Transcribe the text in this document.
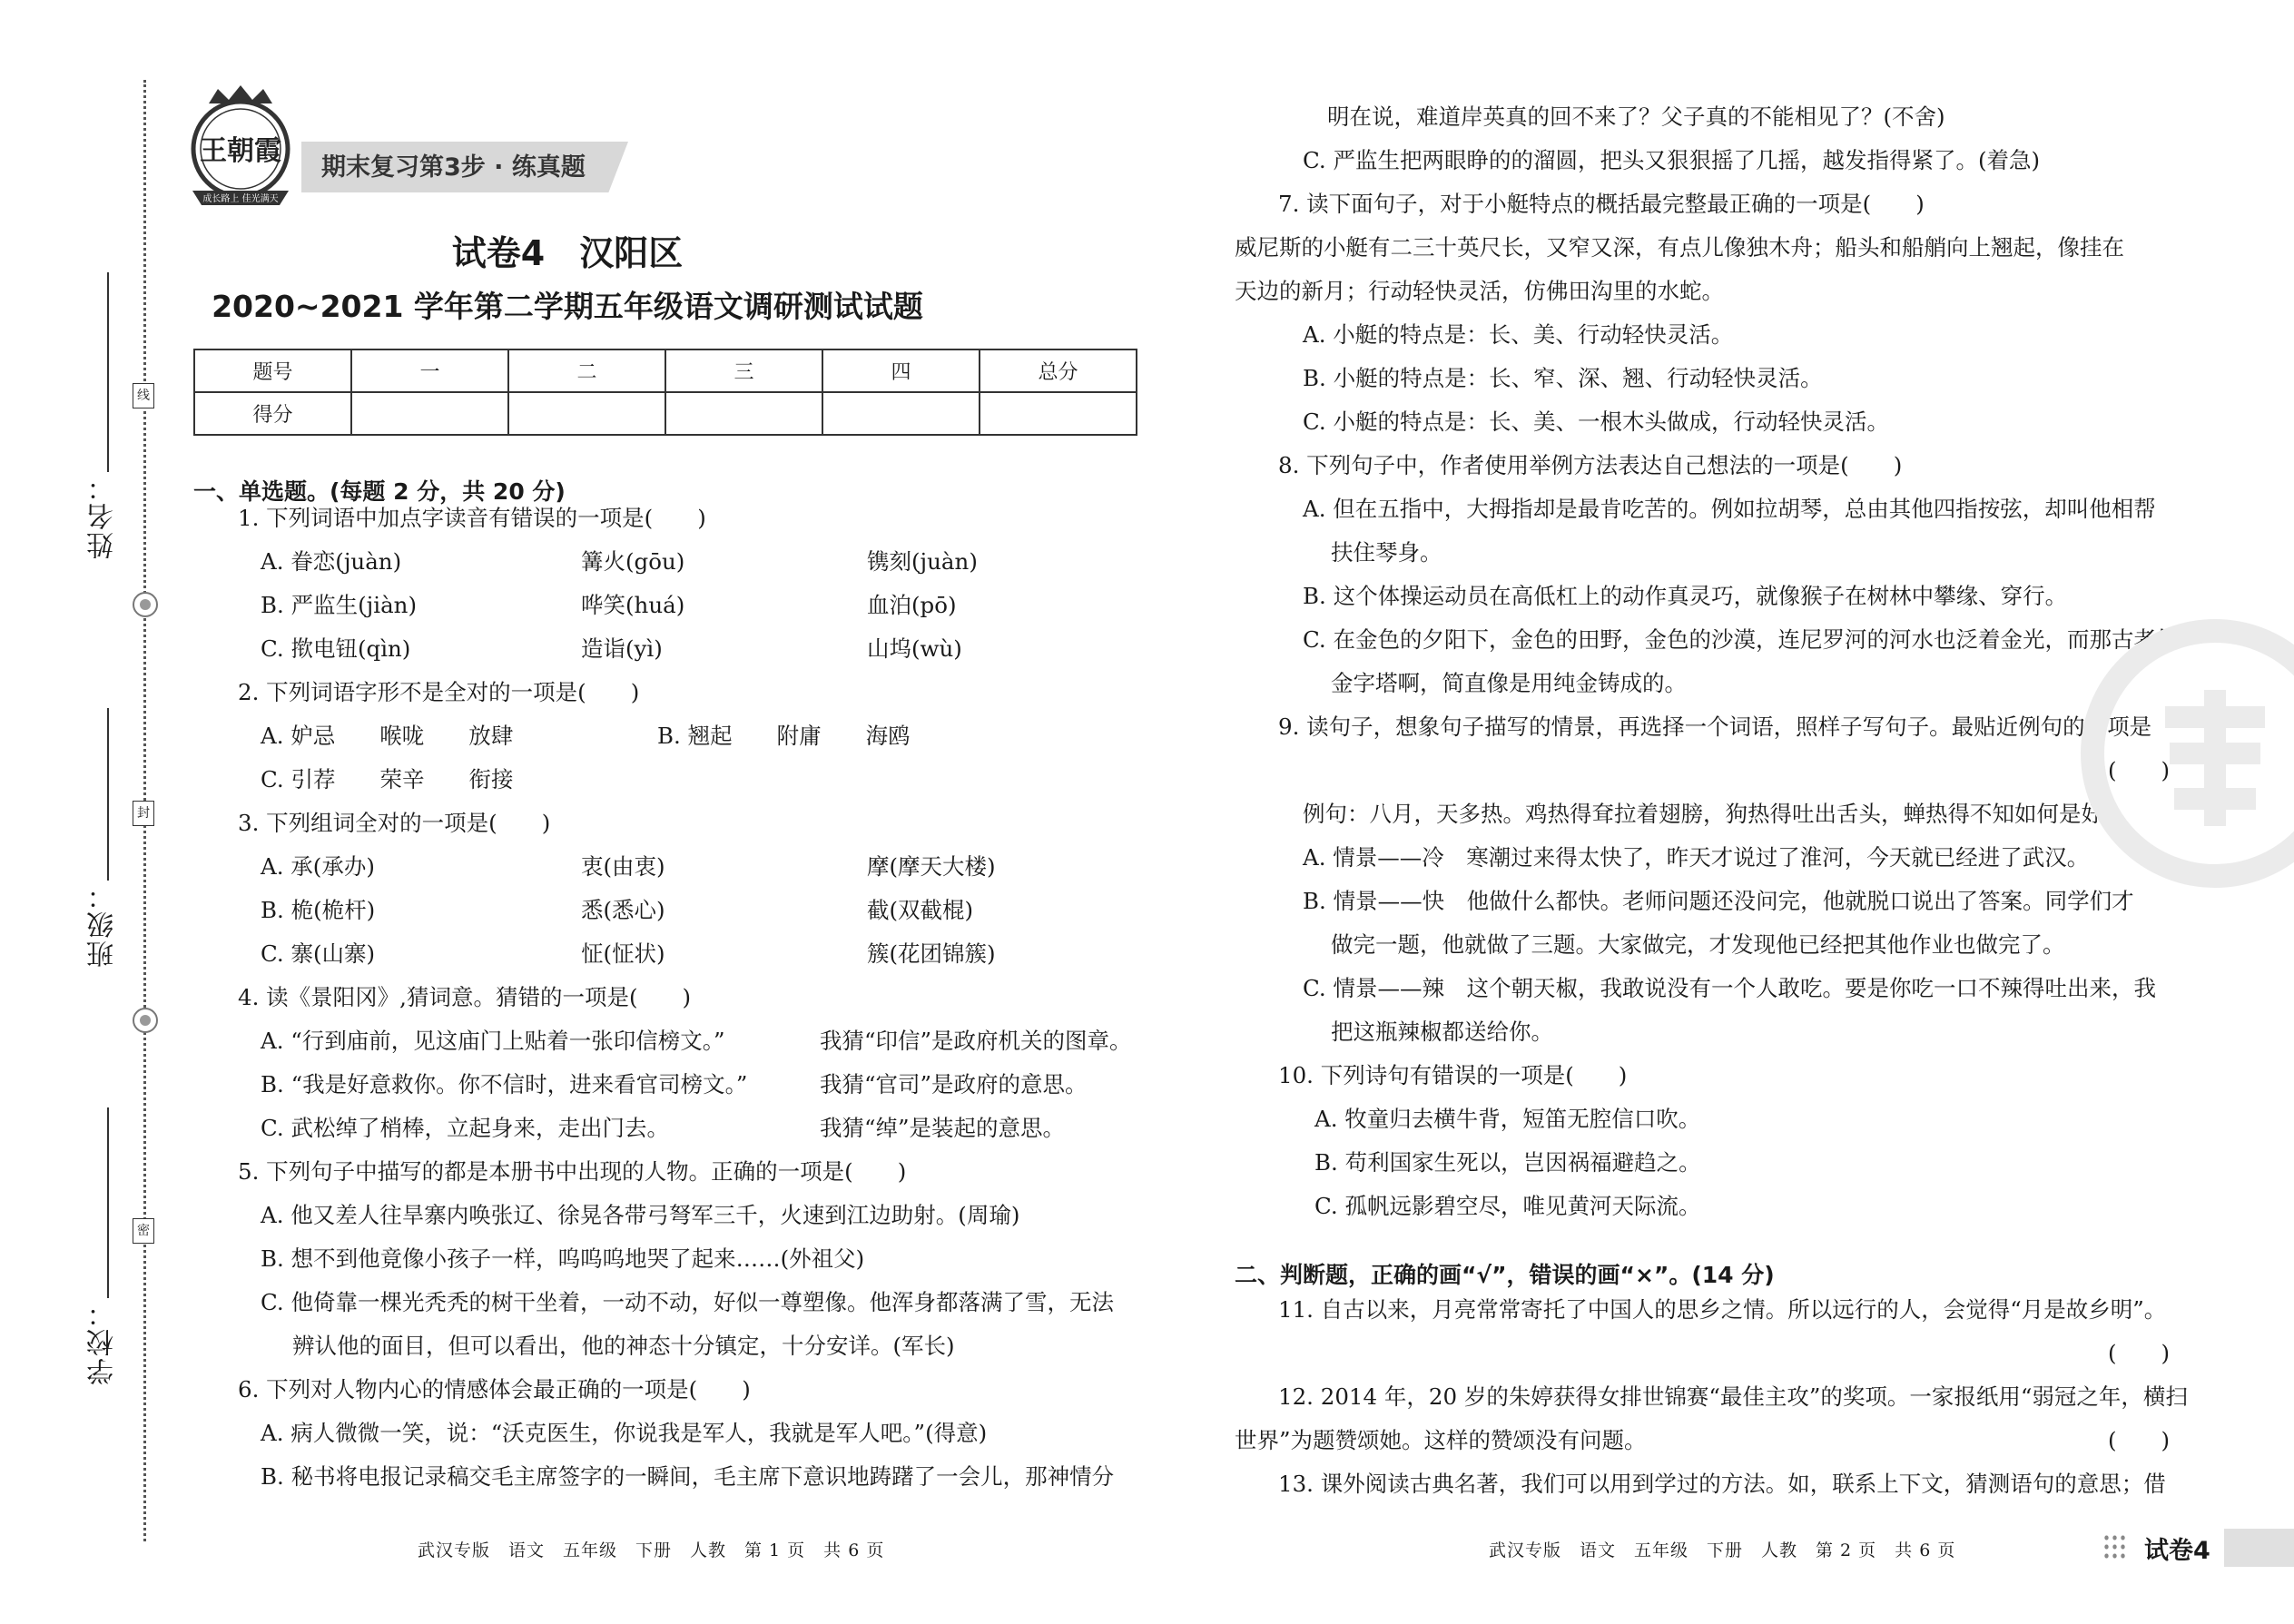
姓名：
班级：
学校：
线
封
密
成长路上 佳光满天
王朝霞
期末复习第3步 · 练真题
试卷4　汉阳区
2020~2021 学年第二学期五年级语文调研测试试题
题号	一	二	三	四	总分
得分					
一、单选题。(每题 2 分，共 20 分)
1. 下列词语中加点字读音有错误的一项是(　　)
A. 眷恋(juàn)	篝火(gōu)	镌刻(juàn)
B. 严监生(jiàn)	哗笑(huá)	血泊(pō)
C. 揿电钮(qìn)	造诣(yì)	山坞(wù)
2. 下列词语字形不是全对的一项是(　　)
A. 妒忌　　喉咙　　放肆	B. 翘起　　附庸　　海鸥
C. 引荐　　荣辛　　衔接
3. 下列组词全对的一项是(　　)
A. 承(承办)	衷(由衷)	摩(摩天大楼)
B. 桅(桅杆)	悉(悉心)	截(双截棍)
C. 寨(山寨)	怔(怔状)	簇(花团锦簇)
4. 读《景阳冈》,猜词意。猜错的一项是(　　)
A. “行到庙前，见这庙门上贴着一张印信榜文。”	我猜“印信”是政府机关的图章。
B. “我是好意救你。你不信时，进来看官司榜文。”	我猜“官司”是政府的意思。
C. 武松绰了梢棒，立起身来，走出门去。	我猜“绰”是装起的意思。
5. 下列句子中描写的都是本册书中出现的人物。正确的一项是(　　)
A. 他又差人往旱寨内唤张辽、徐晃各带弓弩军三千，火速到江边助射。(周瑜)
B. 想不到他竟像小孩子一样，呜呜呜地哭了起来……(外祖父)
C. 他倚靠一棵光秃秃的树干坐着，一动不动，好似一尊塑像。他浑身都落满了雪，无法
辨认他的面目，但可以看出，他的神态十分镇定，十分安详。(军长)
6. 下列对人物内心的情感体会最正确的一项是(　　)
A. 病人微微一笑，说：“沃克医生，你说我是军人，我就是军人吧。”(得意)
B. 秘书将电报记录稿交毛主席签字的一瞬间，毛主席下意识地踌躇了一会儿，那神情分
武汉专版　语文　五年级　下册　人教　第 1 页　共 6 页
明在说，难道岸英真的回不来了？父子真的不能相见了？(不舍)
C. 严监生把两眼睁的的溜圆，把头又狠狠摇了几摇，越发指得紧了。(着急)
7. 读下面句子，对于小艇特点的概括最完整最正确的一项是(　　)
威尼斯的小艇有二三十英尺长，又窄又深，有点儿像独木舟；船头和船艄向上翘起，像挂在
天边的新月；行动轻快灵活，仿佛田沟里的水蛇。
A. 小艇的特点是：长、美、行动轻快灵活。
B. 小艇的特点是：长、窄、深、翘、行动轻快灵活。
C. 小艇的特点是：长、美、一根木头做成，行动轻快灵活。
8. 下列句子中，作者使用举例方法表达自己想法的一项是(　　)
A. 但在五指中，大拇指却是最肯吃苦的。例如拉胡琴，总由其他四指按弦，却叫他相帮
扶住琴身。
B. 这个体操运动员在高低杠上的动作真灵巧，就像猴子在树林中攀缘、穿行。
C. 在金色的夕阳下，金色的田野，金色的沙漠，连尼罗河的河水也泛着金光，而那古老的
金字塔啊，简直像是用纯金铸成的。
9. 读句子，想象句子描写的情景，再选择一个词语，照样子写句子。最贴近例句的一项是
(　　)
例句：八月，天多热。鸡热得耷拉着翅膀，狗热得吐出舌头，蝉热得不知如何是好。
A. 情景——冷　寒潮过来得太快了，昨天才说过了淮河，今天就已经进了武汉。
B. 情景——快　他做什么都快。老师问题还没问完，他就脱口说出了答案。同学们才
做完一题，他就做了三题。大家做完，才发现他已经把其他作业也做完了。
C. 情景——辣　这个朝天椒，我敢说没有一个人敢吃。要是你吃一口不辣得吐出来，我
把这瓶辣椒都送给你。
10. 下列诗句有错误的一项是(　　)
A. 牧童归去横牛背，短笛无腔信口吹。
B. 苟利国家生死以，岂因祸福避趋之。
C. 孤帆远影碧空尽，唯见黄河天际流。
11. 自古以来，月亮常常寄托了中国人的思乡之情。所以远行的人，会觉得“月是故乡明”。
(　　)
12. 2014 年，20 岁的朱婷获得女排世锦赛“最佳主攻”的奖项。一家报纸用“弱冠之年，横扫
世界”为题赞颂她。这样的赞颂没有问题。	(　　)
13. 课外阅读古典名著，我们可以用到学过的方法。如，联系上下文，猜测语句的意思；借
二、判断题，正确的画“√”，错误的画“×”。(14 分)
武汉专版　语文　五年级　下册　人教　第 2 页　共 6 页	试卷4
